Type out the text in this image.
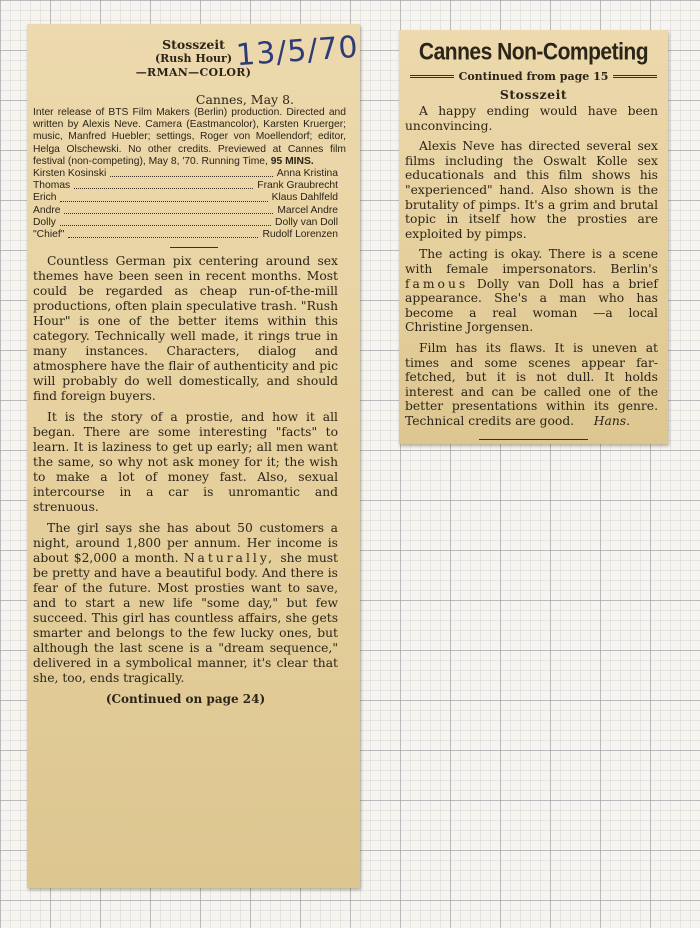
Stosszeit
(Rush Hour)
—RMAN—COLOR)
Cannes, May 8.
Inter release of BTS Film Makers (Berlin) production. Directed and written by Alexis Neve. Camera (Eastmancolor), Karsten Kruerger; music, Manfred Huebler; settings, Roger von Moellendorf; editor, Helga Olschewski. No other credits. Previewed at Cannes film festival (non-competing), May 8, '70. Running Time, 95 MINS.
Kirsten Kosinski	Anna Kristina
Thomas	Frank Graubrecht
Erich	Klaus Dahlfeld
Andre	Marcel Andre
Dolly	Dolly van Doll
"Chief"	Rudolf Lorenzen

Countless German pix centering around sex themes have been seen in recent months. Most could be regarded as cheap run-of-the-mill productions, often plain speculative trash. "Rush Hour" is one of the better items within this category. Technically well made, it rings true in many instances. Characters, dialog and atmosphere have the flair of authenticity and pic will probably do well domestically, and should find foreign buyers.

It is the story of a prostie, and how it all began. There are some interesting "facts" to learn. It is laziness to get up early; all men want the same, so why not ask money for it; the wish to make a lot of money fast. Also, sexual intercourse in a car is unromantic and strenuous.

The girl says she has about 50 customers a night, around 1,800 per annum. Her income is about $2,000 a month. Naturally, she must be pretty and have a beautiful body. And there is fear of the future. Most prosties want to save, and to start a new life "some day," but few succeed. This girl has countless affairs, she gets smarter and belongs to the few lucky ones, but although the last scene is a "dream sequence," delivered in a symbolical manner, it's clear that she, too, ends tragically.

(Continued on page 24)
13/5/70	Cannes Non-Competing
Continued from page 15
Stosszeit

A happy ending would have been unconvincing.

Alexis Neve has directed several sex films including the Oswalt Kolle sex educationals and this film shows his "experienced" hand. Also shown is the brutality of pimps. It's a grim and brutal topic in itself how the prosties are exploited by pimps.

The acting is okay. There is a scene with female impersonators. Berlin's famous Dolly van Doll has a brief appearance. She's a man who has become a real woman —a local Christine Jorgensen.

Film has its flaws. It is uneven at times and some scenes appear far-fetched, but it is not dull. It holds interest and can be called one of the better presentations within its genre. Technical credits are good.	Hans.
